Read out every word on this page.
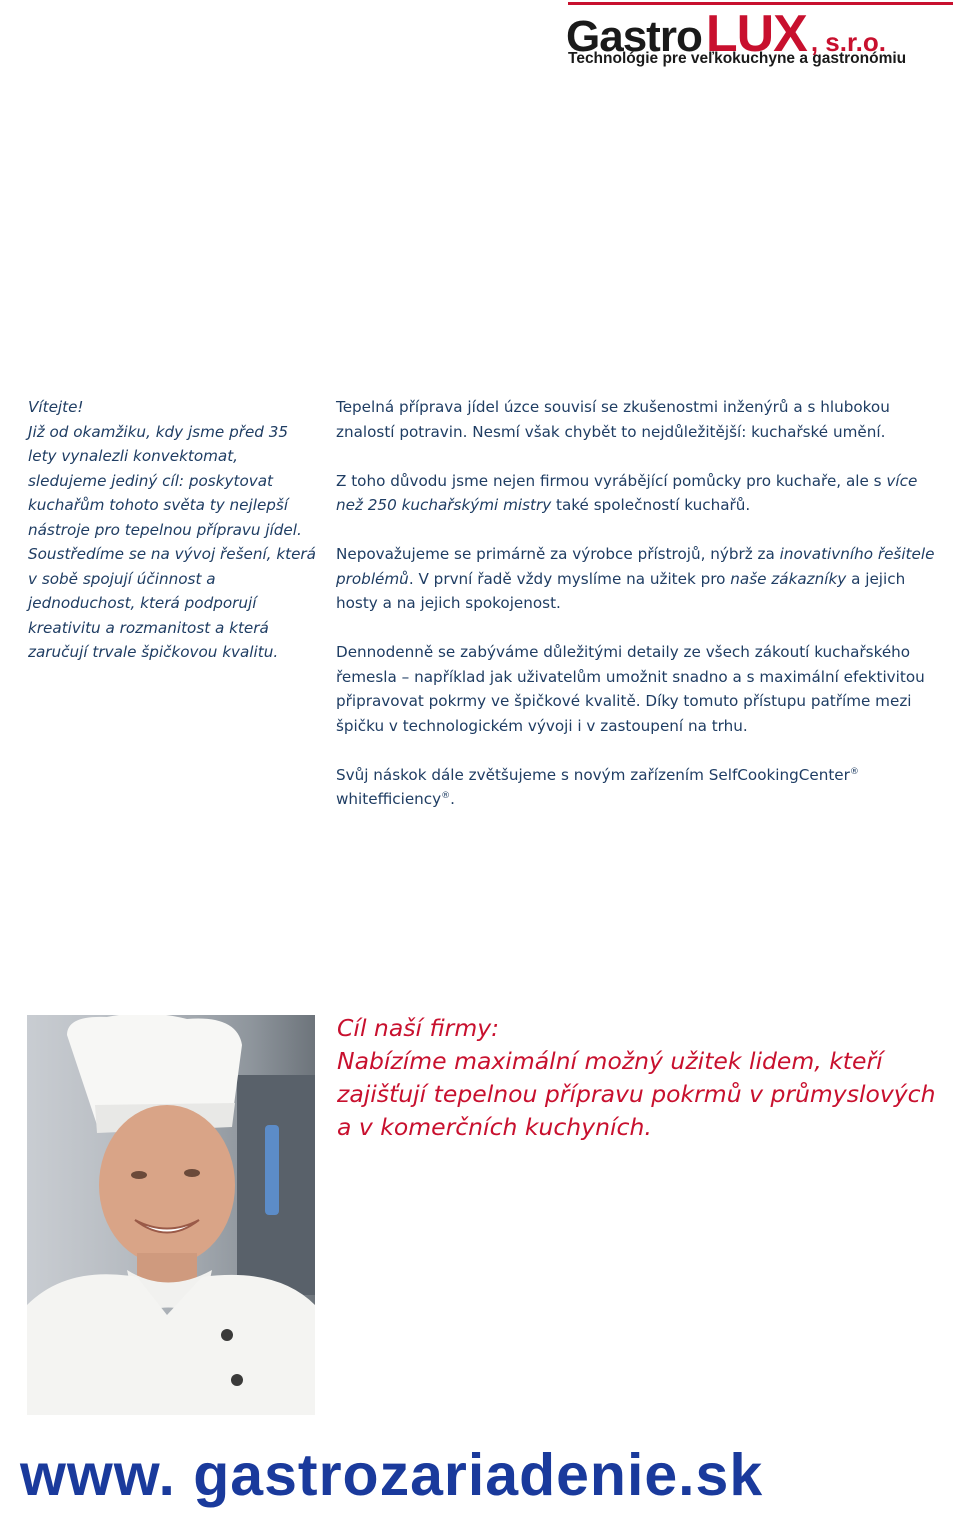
GastroLUX , s.r.o.
Technológie pre veľkokuchyne a gastronómiu

Vítejte!

Již od okamžiku, kdy jsme před 35 lety vynalezli konvektomat, sledujeme jediný cíl: poskytovat kuchařům tohoto světa ty nejlepší nástroje pro tepelnou přípravu jídel. Soustředíme se na vývoj řešení, která v sobě spojují účinnost a jednoduchost, která podporují kreativitu a rozmanitost a která zaručují trvale špičkovou kvalitu.

Tepelná příprava jídel úzce souvisí se zkušenostmi inženýrů a s hlubokou znalostí potravin. Nesmí však chybět to nejdůležitější: kuchařské umění.

Z toho důvodu jsme nejen firmou vyrábějící pomůcky pro kuchaře, ale s více než 250 kuchařskými mistry také společností kuchařů.

Nepovažujeme se primárně za výrobce přístrojů, nýbrž za inovativního řešitele problémů. V první řadě vždy myslíme na užitek pro naše zákazníky a jejich hosty a na jejich spokojenost.

Dennodenně se zabýváme důležitými detaily ze všech zákoutí kuchařského řemesla – například jak uživatelům umožnit snadno a s maximální efektivitou připravovat pokrmy ve špičkové kvalitě. Díky tomuto přístupu patříme mezi špičku v technologickém vývoji i v zastoupení na trhu.

Svůj náskok dále zvětšujeme s novým zařízením SelfCookingCenter® whitefficiency®.

Cíl naší firmy:

Nabízíme maximální možný užitek lidem, kteří zajišťují tepelnou přípravu pokrmů v průmyslových a v komerčních kuchyních.

www. gastrozariadenie.sk
